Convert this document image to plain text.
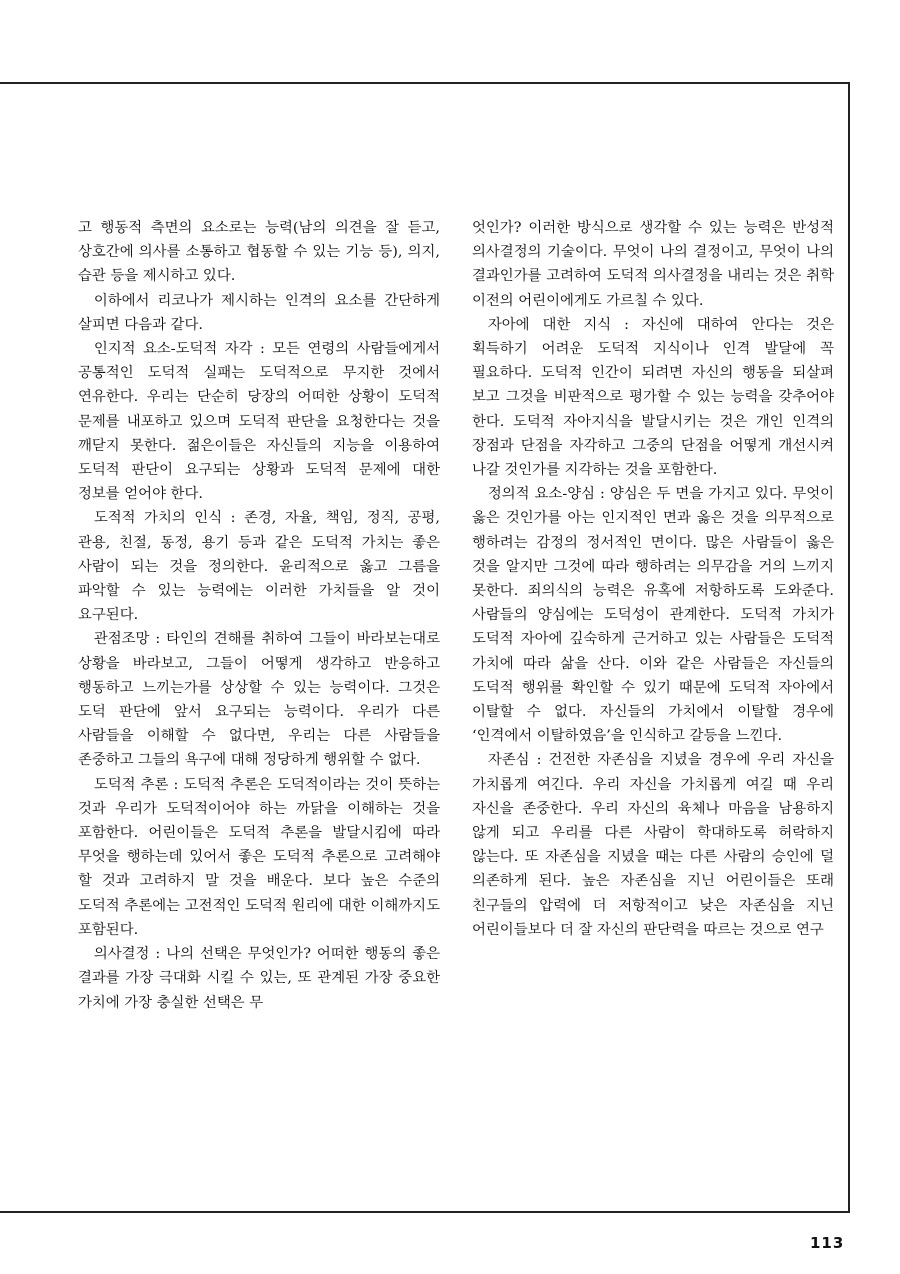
고 행동적 측면의 요소로는 능력(남의 의견을 잘 듣고, 상호간에 의사를 소통하고 협동할 수 있는 기능 등), 의지, 습관 등을 제시하고 있다.

이하에서 리코나가 제시하는 인격의 요소를 간단하게 살피면 다음과 같다.

인지적 요소-도덕적 자각 : 모든 연령의 사람들에게서 공통적인 도덕적 실패는 도덕적으로 무지한 것에서 연유한다. 우리는 단순히 당장의 어떠한 상황이 도덕적 문제를 내포하고 있으며 도덕적 판단을 요청한다는 것을 깨닫지 못한다. 젊은이들은 자신들의 지능을 이용하여 도덕적 판단이 요구되는 상황과 도덕적 문제에 대한 정보를 얻어야 한다.

도적적 가치의 인식 : 존경, 자율, 책임, 정직, 공평, 관용, 친절, 동정, 용기 등과 같은 도덕적 가치는 좋은 사람이 되는 것을 정의한다. 윤리적으로 옳고 그름을 파악할 수 있는 능력에는 이러한 가치들을 알 것이 요구된다.

관점조망 : 타인의 견해를 취하여 그들이 바라보는대로 상황을 바라보고, 그들이 어떻게 생각하고 반응하고 행동하고 느끼는가를 상상할 수 있는 능력이다. 그것은 도덕 판단에 앞서 요구되는 능력이다. 우리가 다른 사람들을 이해할 수 없다면, 우리는 다른 사람들을 존중하고 그들의 욕구에 대해 정당하게 행위할 수 없다.

도덕적 추론 : 도덕적 추론은 도덕적이라는 것이 뜻하는 것과 우리가 도덕적이어야 하는 까닭을 이해하는 것을 포함한다. 어린이들은 도덕적 추론을 발달시킴에 따라 무엇을 행하는데 있어서 좋은 도덕적 추론으로 고려해야 할 것과 고려하지 말 것을 배운다. 보다 높은 수준의 도덕적 추론에는 고전적인 도덕적 원리에 대한 이해까지도 포함된다.

의사결정 : 나의 선택은 무엇인가? 어떠한 행동의 좋은 결과를 가장 극대화 시킬 수 있는, 또 관계된 가장 중요한 가치에 가장 충실한 선택은 무

엇인가? 이러한 방식으로 생각할 수 있는 능력은 반성적 의사결정의 기술이다. 무엇이 나의 결정이고, 무엇이 나의 결과인가를 고려하여 도덕적 의사결정을 내리는 것은 취학 이전의 어린이에게도 가르칠 수 있다.

자아에 대한 지식 : 자신에 대하여 안다는 것은 획득하기 어려운 도덕적 지식이나 인격 발달에 꼭 필요하다. 도덕적 인간이 되려면 자신의 행동을 되살펴 보고 그것을 비판적으로 평가할 수 있는 능력을 갖추어야 한다. 도덕적 자아지식을 발달시키는 것은 개인 인격의 장점과 단점을 자각하고 그중의 단점을 어떻게 개선시켜 나갈 것인가를 지각하는 것을 포함한다.

정의적 요소-양심 : 양심은 두 면을 가지고 있다. 무엇이 옳은 것인가를 아는 인지적인 면과 옳은 것을 의무적으로 행하려는 감정의 정서적인 면이다. 많은 사람들이 옳은 것을 알지만 그것에 따라 행하려는 의무감을 거의 느끼지 못한다. 죄의식의 능력은 유혹에 저항하도록 도와준다. 사람들의 양심에는 도덕성이 관계한다. 도덕적 가치가 도덕적 자아에 깊숙하게 근거하고 있는 사람들은 도덕적 가치에 따라 삶을 산다. 이와 같은 사람들은 자신들의 도덕적 행위를 확인할 수 있기 때문에 도덕적 자아에서 이탈할 수 없다. 자신들의 가치에서 이탈할 경우에 ‘인격에서 이탈하였음’을 인식하고 갈등을 느낀다.

자존심 : 건전한 자존심을 지녔을 경우에 우리 자신을 가치롭게 여긴다. 우리 자신을 가치롭게 여길 때 우리 자신을 존중한다. 우리 자신의 육체나 마음을 남용하지 않게 되고 우리를 다른 사람이 학대하도록 허락하지 않는다. 또 자존심을 지녔을 때는 다른 사람의 승인에 덜 의존하게 된다. 높은 자존심을 지닌 어린이들은 또래 친구들의 압력에 더 저항적이고 낮은 자존심을 지닌 어린이들보다 더 잘 자신의 판단력을 따르는 것으로 연구

113
